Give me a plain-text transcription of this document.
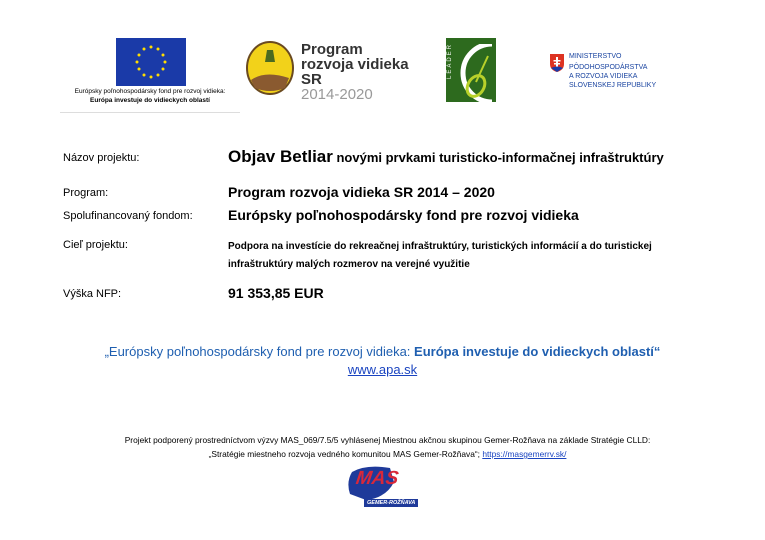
Európsky poľnohospodársky fond pre rozvoj vidieka:
Európa investuje do vidieckych oblastí
Program
rozvoja vidieka SR
2014-2020
LEADER	MINISTERSTVO
PÔDOHOSPODÁRSTVA
A ROZVOJA VIDIEKA
SLOVENSKEJ REPUBLIKY
Názov projektu:	Objav Betliar novými prvkami turisticko-informačnej infraštruktúry
Program:	Program rozvoja vidieka SR 2014 – 2020
Spolufinancovaný fondom:	Európsky poľnohospodársky fond pre rozvoj vidieka
Cieľ projektu:	Podpora na investície do rekreačnej infraštruktúry, turistických informácií a do turistickej
infraštruktúry malých rozmerov na verejné využitie
Výška NFP:	91 353,85 EUR
„Európsky poľnohospodársky fond pre rozvoj vidieka: Európa investuje do vidieckych oblastí“
www.apa.sk
Projekt podporený prostredníctvom výzvy MAS_069/7.5/5 vyhlásenej Miestnou akčnou skupinou Gemer-Rožňava na základe Stratégie CLLD:
„Stratégie miestneho rozvoja vedného komunitou MAS Gemer-Rožňava“; https://masgemerrv.sk/
MAS
GEMER-ROŽŇAVA
